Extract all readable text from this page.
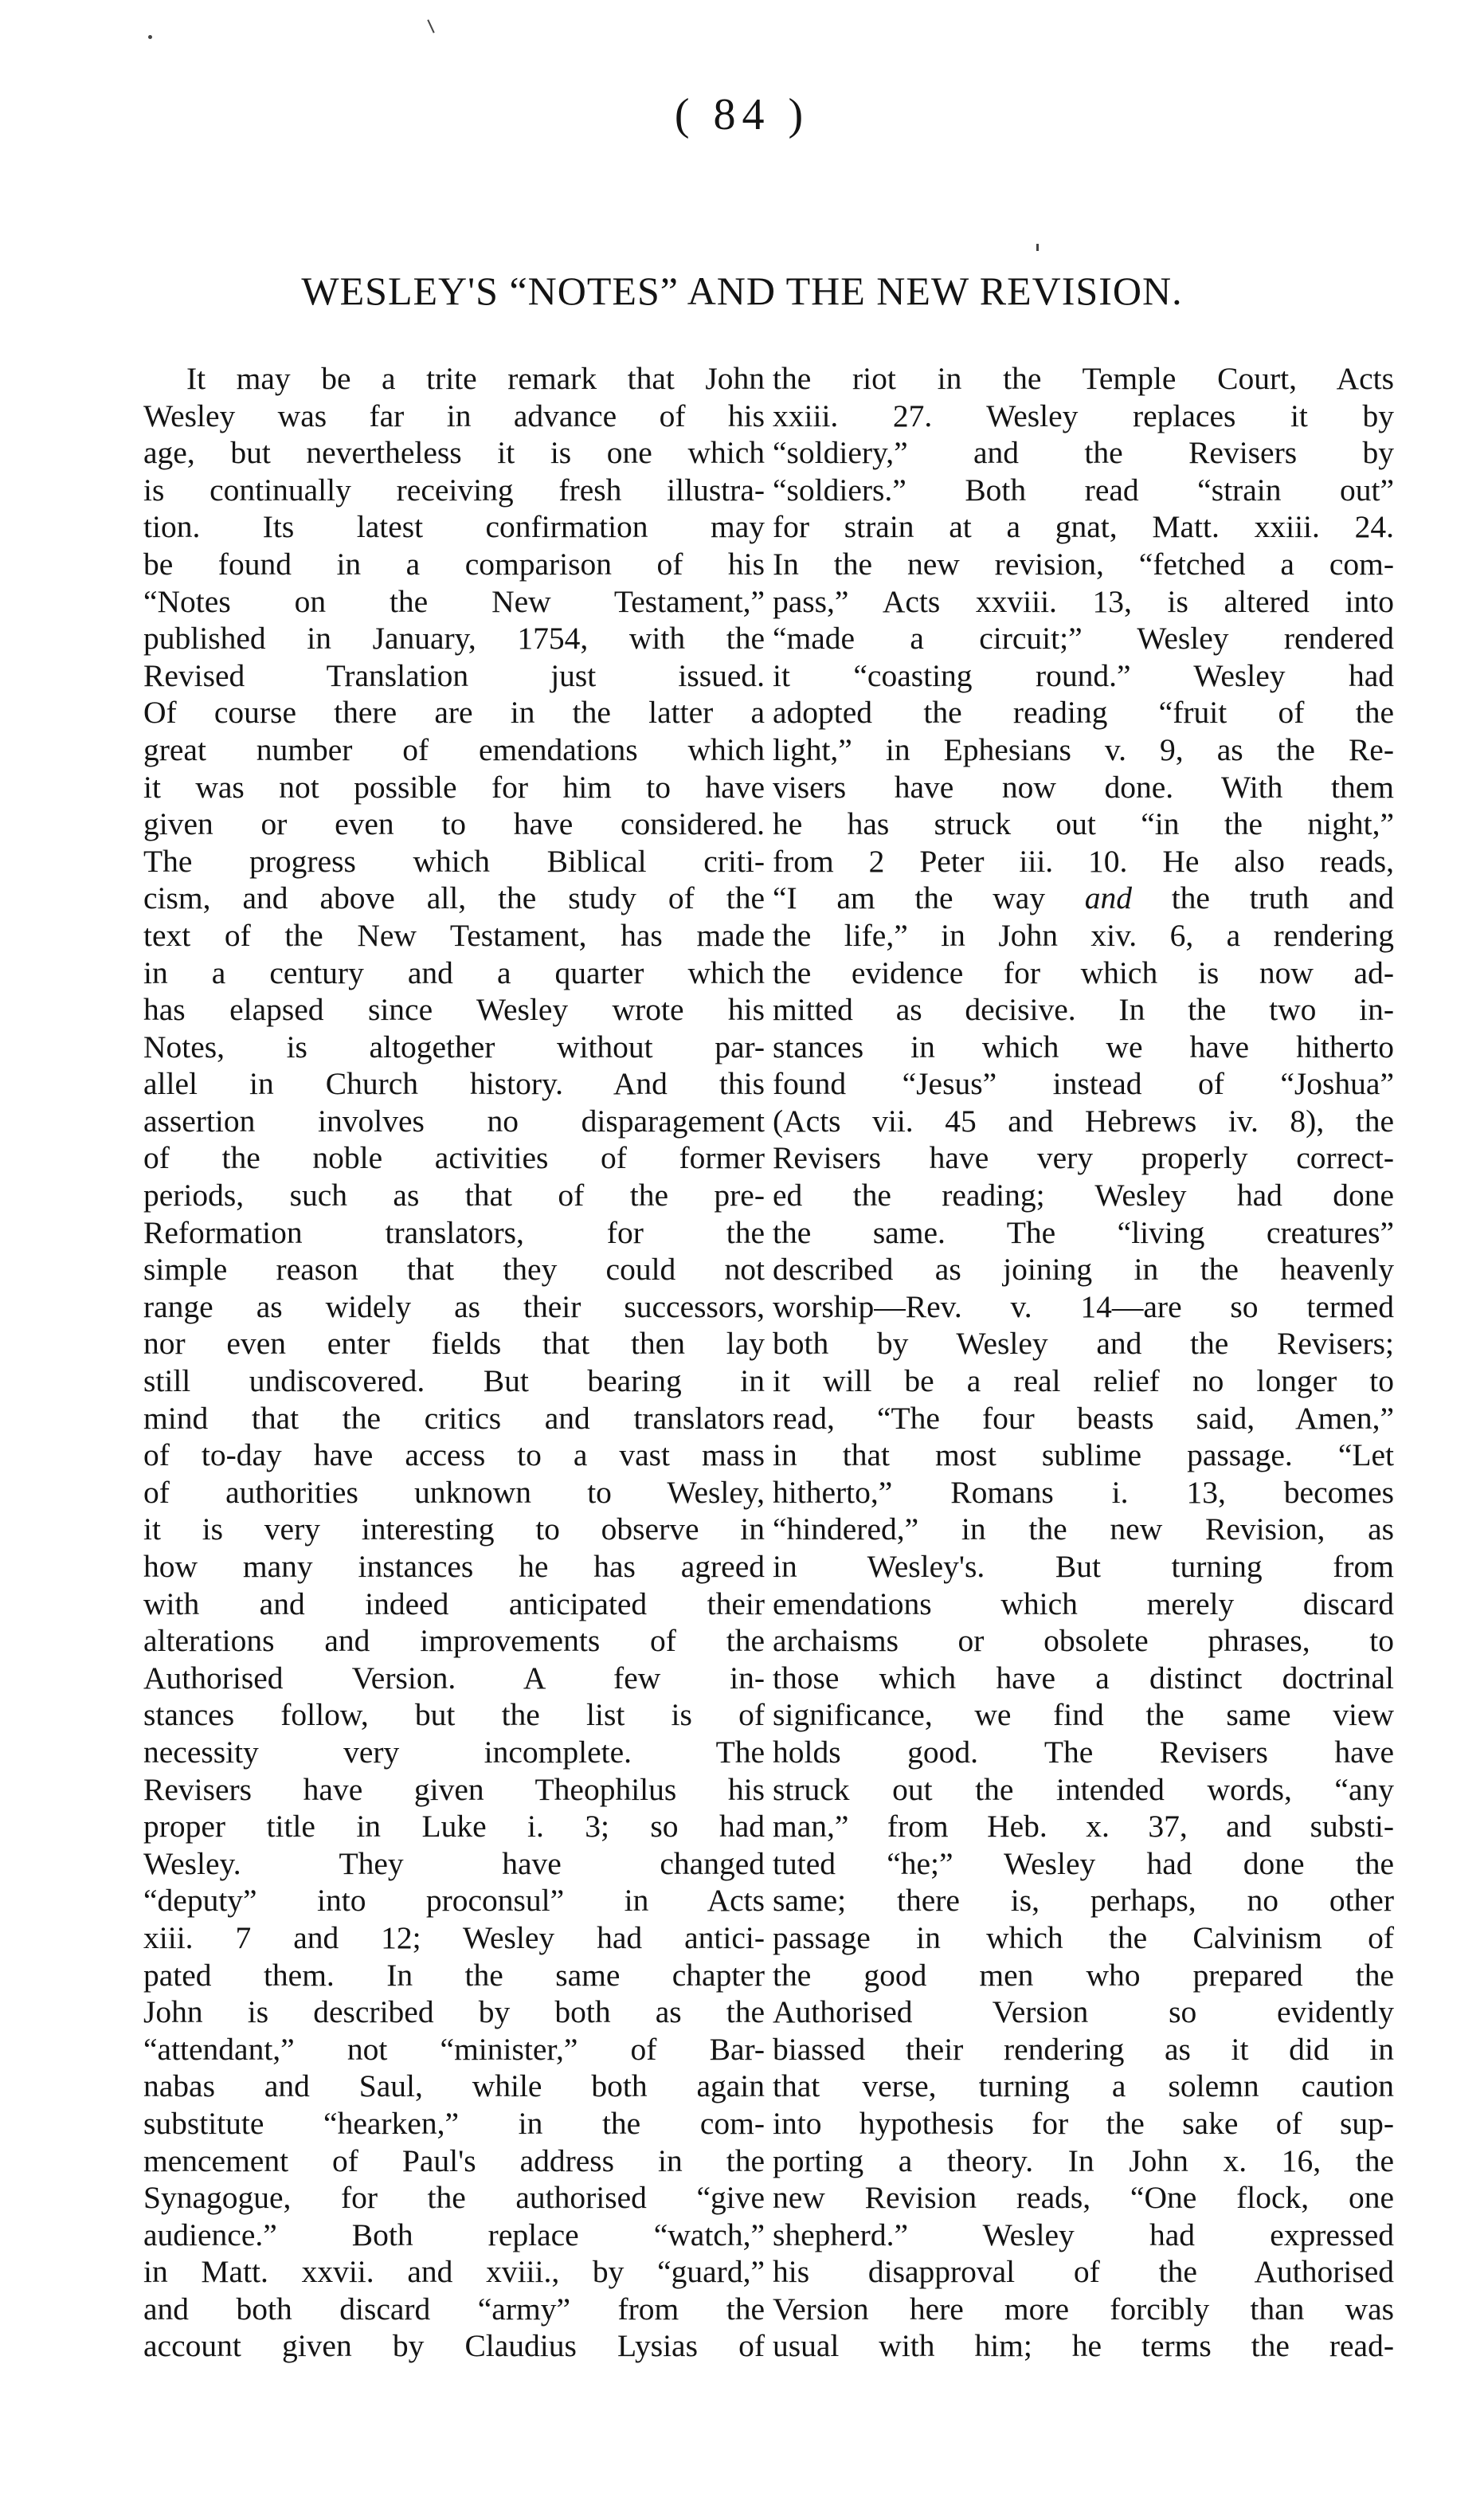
( 84 )
WESLEY'S “NOTES” AND THE NEW REVISION.
It may be a trite remark that John
Wesley was far in advance of his
age, but nevertheless it is one which
is continually receiving fresh illustra-
tion. Its latest confirmation may
be found in a comparison of his
“Notes on the New Testament,”
published in January, 1754, with the
Revised Translation just issued.
Of course there are in the latter a
great number of emendations which
it was not possible for him to have
given or even to have considered.
The progress which Biblical criti-
cism, and above all, the study of the
text of the New Testament, has made
in a century and a quarter which
has elapsed since Wesley wrote his
Notes, is altogether without par-
allel in Church history. And this
assertion involves no disparagement
of the noble activities of former
periods, such as that of the pre-
Reformation translators, for the
simple reason that they could not
range as widely as their successors,
nor even enter fields that then lay
still undiscovered. But bearing in
mind that the critics and translators
of to-day have access to a vast mass
of authorities unknown to Wesley,
it is very interesting to observe in
how many instances he has agreed
with and indeed anticipated their
alterations and improvements of the
Authorised Version. A few in-
stances follow, but the list is of
necessity very incomplete. The
Revisers have given Theophilus his
proper title in Luke i. 3; so had
Wesley. They have changed
“deputy” into proconsul” in Acts
xiii. 7 and 12; Wesley had antici-
pated them. In the same chapter
John is described by both as the
“attendant,” not “minister,” of Bar-
nabas and Saul, while both again
substitute “hearken,” in the com-
mencement of Paul's address in the
Synagogue, for the authorised “give
audience.” Both replace “watch,”
in Matt. xxvii. and xviii., by “guard,”
and both discard “army” from the
account given by Claudius Lysias of
the riot in the Temple Court, Acts
xxiii. 27. Wesley replaces it by
“soldiery,” and the Revisers by
“soldiers.” Both read “strain out”
for strain at a gnat, Matt. xxiii. 24.
In the new revision, “fetched a com-
pass,” Acts xxviii. 13, is altered into
“made a circuit;” Wesley rendered
it “coasting round.” Wesley had
adopted the reading “fruit of the
light,” in Ephesians v. 9, as the Re-
visers have now done. With them
he has struck out “in the night,”
from 2 Peter iii. 10. He also reads,
“I am the way and the truth and
the life,” in John xiv. 6, a rendering
the evidence for which is now ad-
mitted as decisive. In the two in-
stances in which we have hitherto
found “Jesus” instead of “Joshua”
(Acts vii. 45 and Hebrews iv. 8), the
Revisers have very properly correct-
ed the reading; Wesley had done
the same. The “living creatures”
described as joining in the heavenly
worship—Rev. v. 14—are so termed
both by Wesley and the Revisers;
it will be a real relief no longer to
read, “The four beasts said, Amen,”
in that most sublime passage. “Let
hitherto,” Romans i. 13, becomes
“hindered,” in the new Revision, as
in Wesley's. But turning from
emendations which merely discard
archaisms or obsolete phrases, to
those which have a distinct doctrinal
significance, we find the same view
holds good. The Revisers have
struck out the intended words, “any
man,” from Heb. x. 37, and substi-
tuted “he;” Wesley had done the
same; there is, perhaps, no other
passage in which the Calvinism of
the good men who prepared the
Authorised Version so evidently
biassed their rendering as it did in
that verse, turning a solemn caution
into hypothesis for the sake of sup-
porting a theory. In John x. 16, the
new Revision reads, “One flock, one
shepherd.” Wesley had expressed
his disapproval of the Authorised
Version here more forcibly than was
usual with him; he terms the read-
